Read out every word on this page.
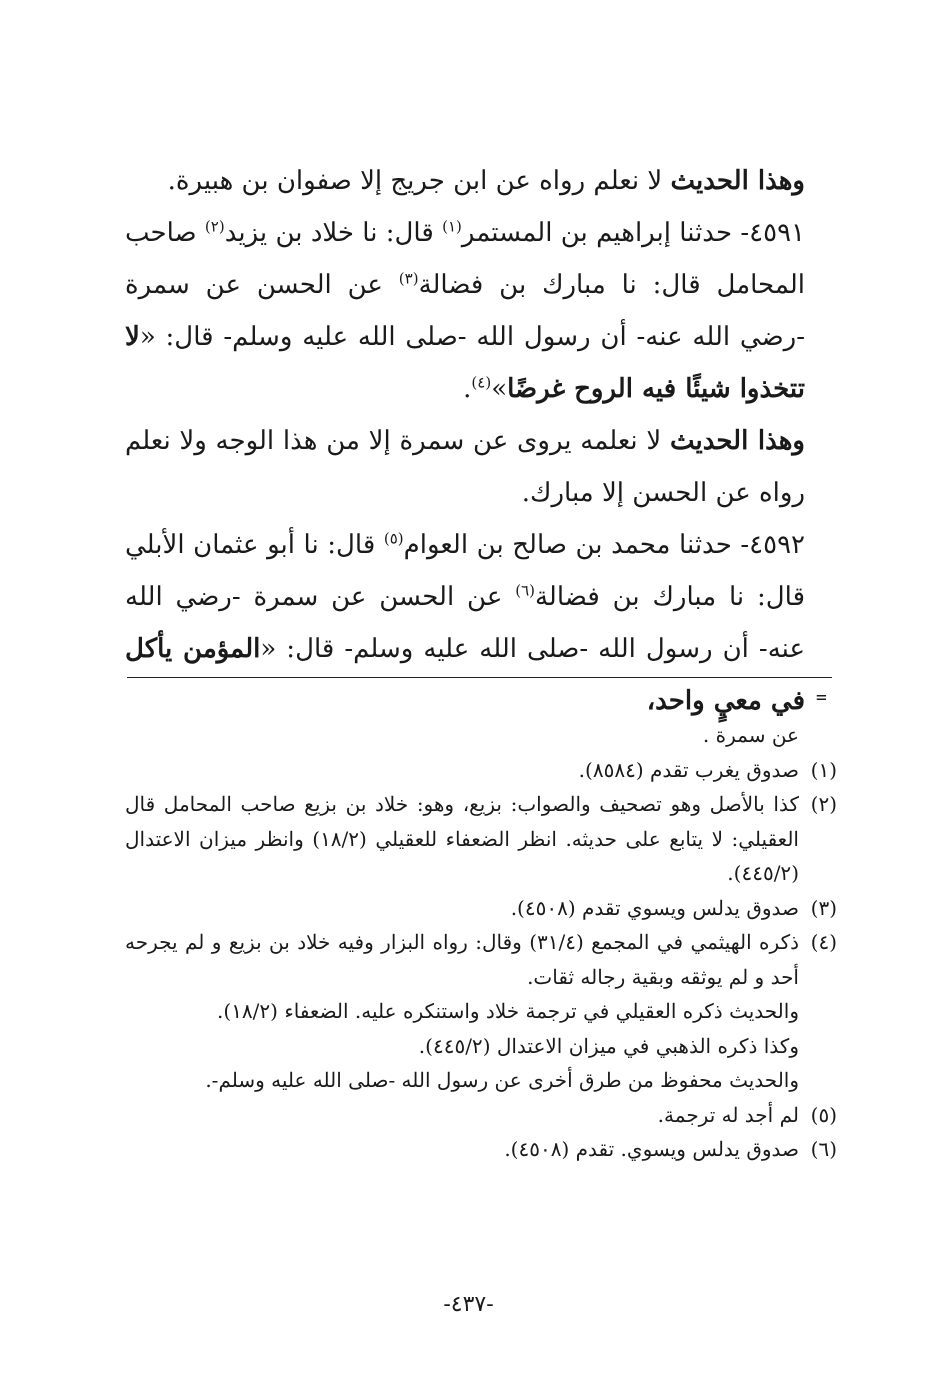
وهذا الحديث لا نعلم رواه عن ابن جريج إلا صفوان بن هبيرة.

٤٥٩١- حدثنا إبراهيم بن المستمر$^{(١)}$ قال: نا خلاد بن يزيد$^{(٢)}$ صاحب المحامل قال: نا مبارك بن فضالة$^{(٣)}$ عن الحسن عن سمرة -رضي الله عنه- أن رسول الله -صلى الله عليه وسلم- قال: «لا تتخذوا شيئًا فيه الروح غرضًا»$^{(٤)}$.

وهذا الحديث لا نعلمه يروى عن سمرة إلا من هذا الوجه ولا نعلم رواه عن الحسن إلا مبارك.

٤٥٩٢- حدثنا محمد بن صالح بن العوام$^{(٥)}$ قال: نا أبو عثمان الأبلي قال: نا مبارك بن فضالة$^{(٦)}$ عن الحسن عن سمرة -رضي الله عنه- أن رسول الله -صلى الله عليه وسلم- قال: «المؤمن يأكل في معيٍ واحد، =

عن سمرة .

(١)
صدوق يغرب تقدم (٨٥٨٤).

(٢)
كذا بالأصل وهو تصحيف والصواب: بزيع، وهو: خلاد بن بزيع صاحب المحامل قال العقيلي: لا يتابع على حديثه. انظر الضعفاء للعقيلي (١٨/٢) وانظر ميزان الاعتدال (٤٤٥/٢).

(٣)
صدوق يدلس ويسوي تقدم (٤٥٠٨).

(٤)
ذكره الهيثمي في المجمع (٣١/٤) وقال: رواه البزار وفيه خلاد بن بزيع و لم يجرحه أحد و لم يوثقه وبقية رجاله ثقات.

والحديث ذكره العقيلي في ترجمة خلاد واستنكره عليه. الضعفاء (١٨/٢).

وكذا ذكره الذهبي في ميزان الاعتدال (٤٤٥/٢).

والحديث محفوظ من طرق أخرى عن رسول الله -صلى الله عليه وسلم-.

(٥)
لم أجد له ترجمة.

(٦)
صدوق يدلس ويسوي. تقدم (٤٥٠٨).

-٤٣٧-
